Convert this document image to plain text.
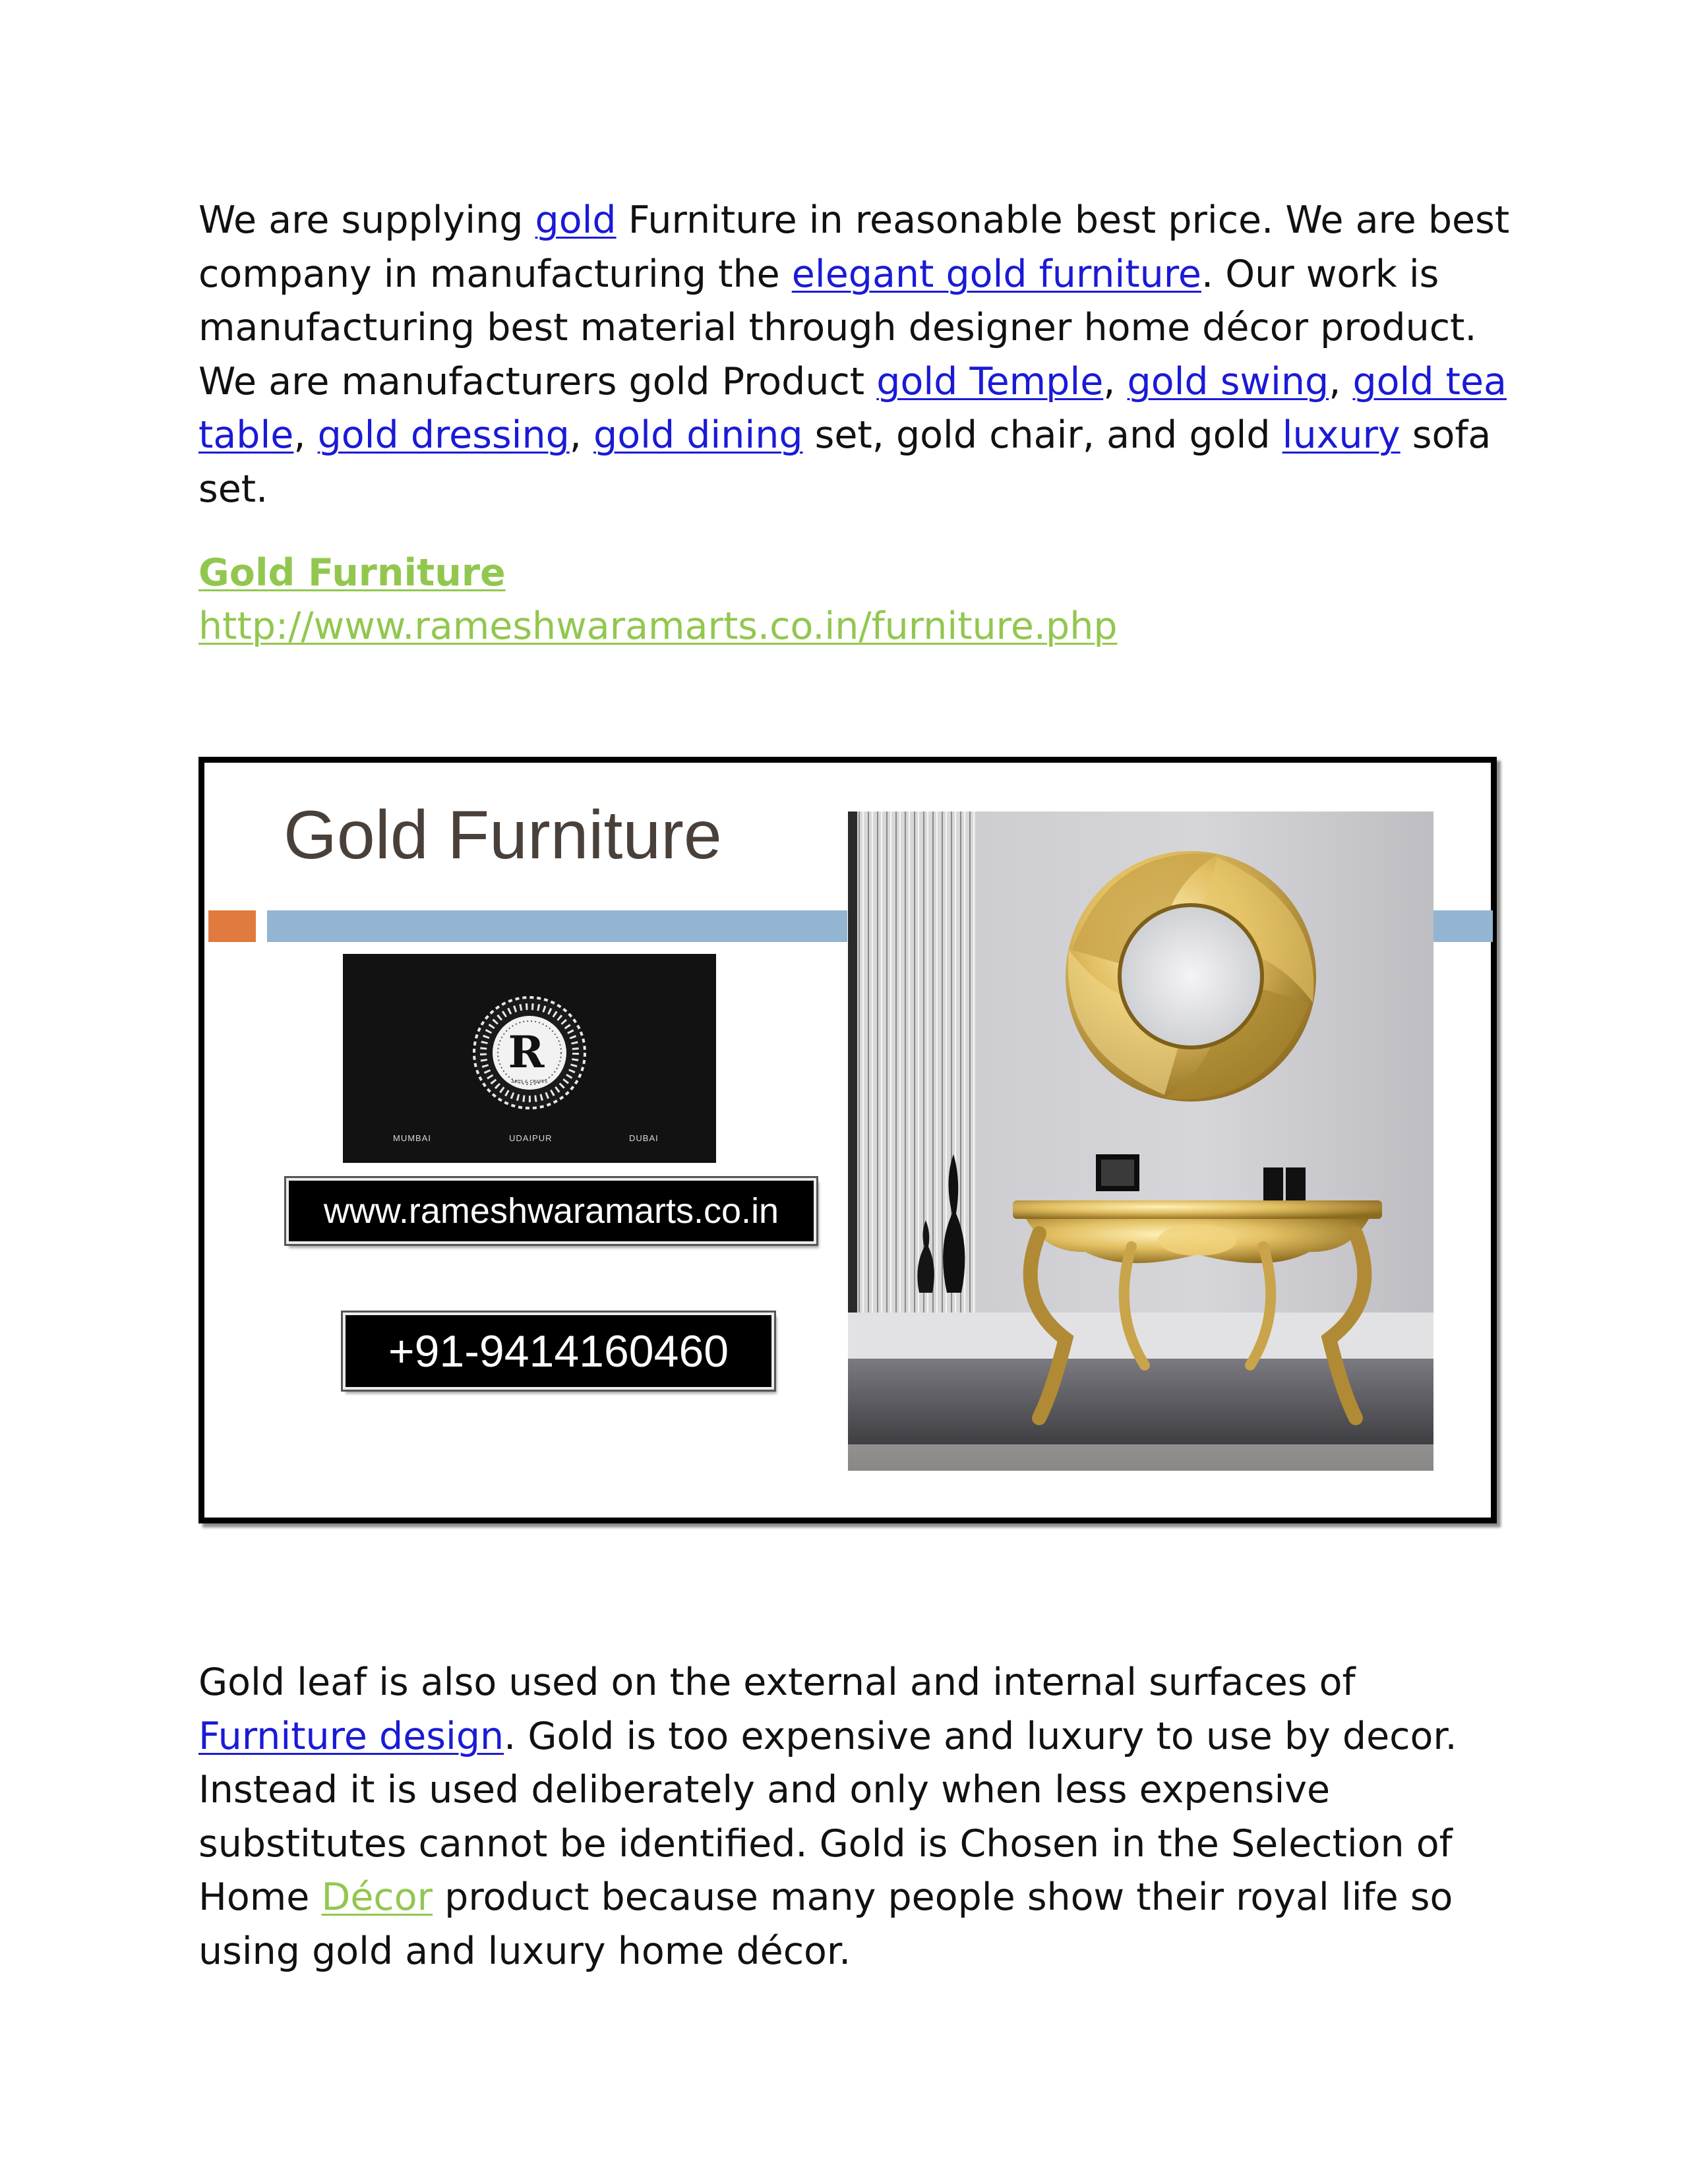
We are supplying gold Furniture in reasonable best price. We are best company in manufacturing the elegant gold furniture. Our work is manufacturing best material through designer home décor product. We are manufacturers gold Product gold Temple, gold swing, gold tea table, gold dressing, gold dining set, gold chair, and gold luxury sofa set.

Gold Furniture
http://www.rameshwaramarts.co.in/furniture.php
Gold Furniture
R
ARTS & CRAFTS
MUMBAI	UDAIPUR	DUBAI
www.rameshwaramarts.co.in
+91-9414160460

Gold leaf is also used on the external and internal surfaces of Furniture design. Gold is too expensive and luxury to use by decor. Instead it is used deliberately and only when less expensive substitutes cannot be identified. Gold is Chosen in the Selection of Home Décor product because many people show their royal life so using gold and luxury home décor.
